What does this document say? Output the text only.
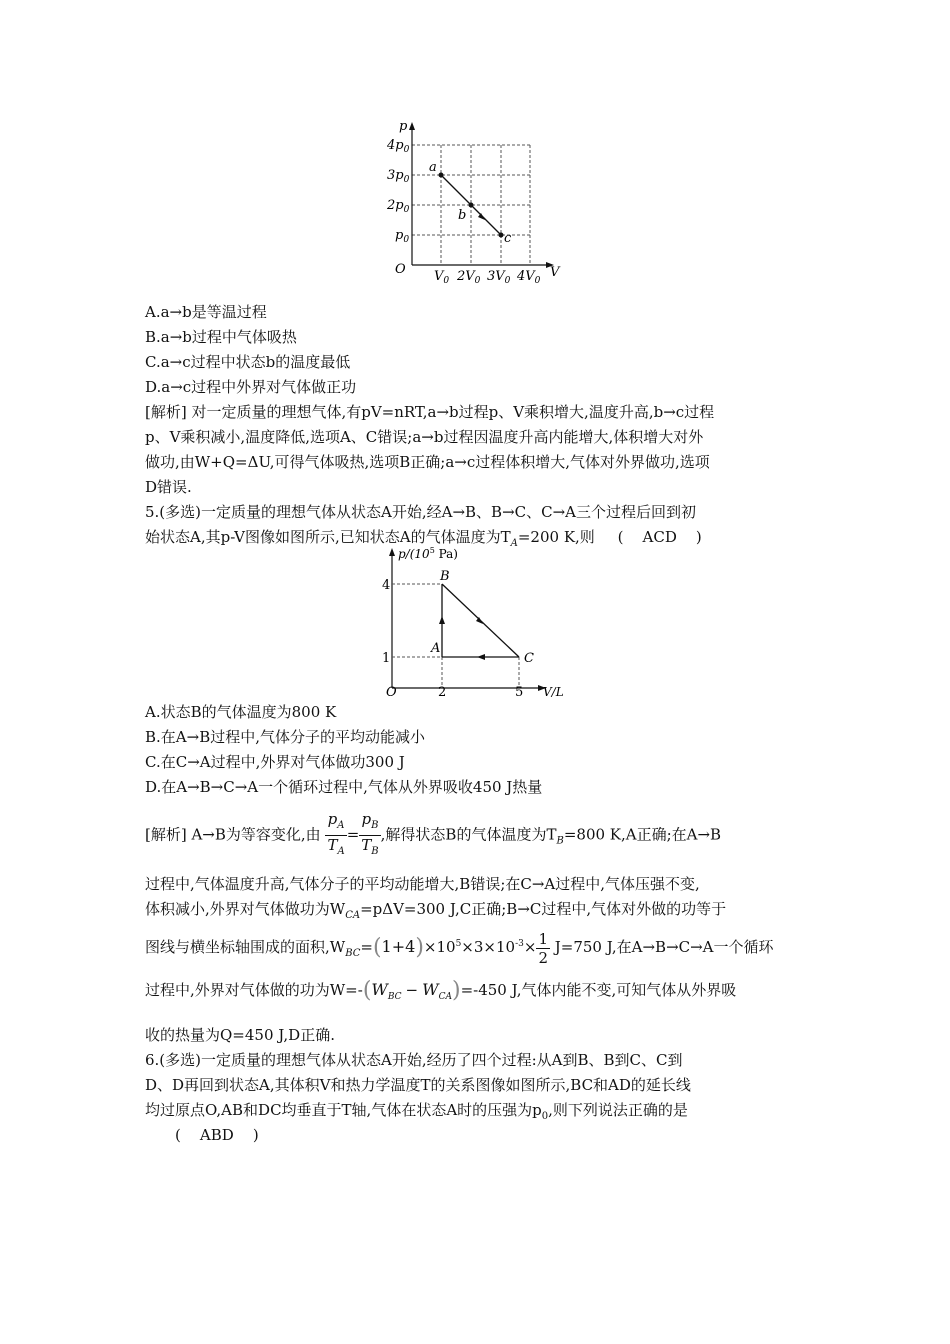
p
V
O
$4p_0$
$3p_0$
$2p_0$
$p_0$
$V_0$ $2V_0$ $3V_0$ $4V_0$
a
b
c
A.a→b是等温过程
B.a→b过程中气体吸热
C.a→c过程中状态b的温度最低
D.a→c过程中外界对气体做正功
[解析] 对一定质量的理想气体,有pV=nRT,a→b过程p、V乘积增大,温度升高,b→c过程
p、V乘积减小,温度降低,选项A、C错误;a→b过程因温度升高内能增大,体积增大对外
做功,由W+Q=ΔU,可得气体吸热,选项B正确;a→c过程体积增大,气体对外界做功,选项
D错误.
5.(多选)一定质量的理想气体从状态A开始,经A→B、B→C、C→A三个过程后回到初
始状态A,其p-V图像如图所示,已知状态A的气体温度为$T_A=200$ K,则 (    ACD    )
$p/(10^5$ Pa)
V/L
O
4
1
2	5
B
A
C
A.状态B的气体温度为800 K
B.在A→B过程中,气体分子的平均动能减小
C.在C→A过程中,外界对气体做功300 J
D.在A→B→C→A一个循环过程中,气体从外界吸收450 J热量
[解析] A→B为等容变化,由 $\frac{p_A}{T_A} = \frac{p_B}{T_B}$ ,解得状态B的气体温度为$T_B=800$ K,A正确;在A→B
过程中,气体温度升高,气体分子的平均动能增大,B错误;在C→A过程中,气体压强不变,
体积减小,外界对气体做功为$W_{CA}=p\Delta V=300$ J,C正确;B→C过程中,气体对外做的功等于
图线与横坐标轴围成的面积$,W_{BC}=(1+4)\times 10^5\times 3\times 10^{-3}\times \frac{1}{2} J=750$ J,在A→B→C→A一个循环
过程中,外界对气体做的功为$W=-(W_{BC} - W_{CA})=-450$ J,气体内能不变,可知气体从外界吸
收的热量为Q=450 J,D正确.
6.(多选)一定质量的理想气体从状态A开始,经历了四个过程:从A到B、B到C、C到
D、D再回到状态A,其体积V和热力学温度T的关系图像如图所示,BC和AD的延长线
均过原点O,AB和DC均垂直于T轴,气体在状态A时的压强为$p_0$,则下列说法正确的是
(    ABD    )
